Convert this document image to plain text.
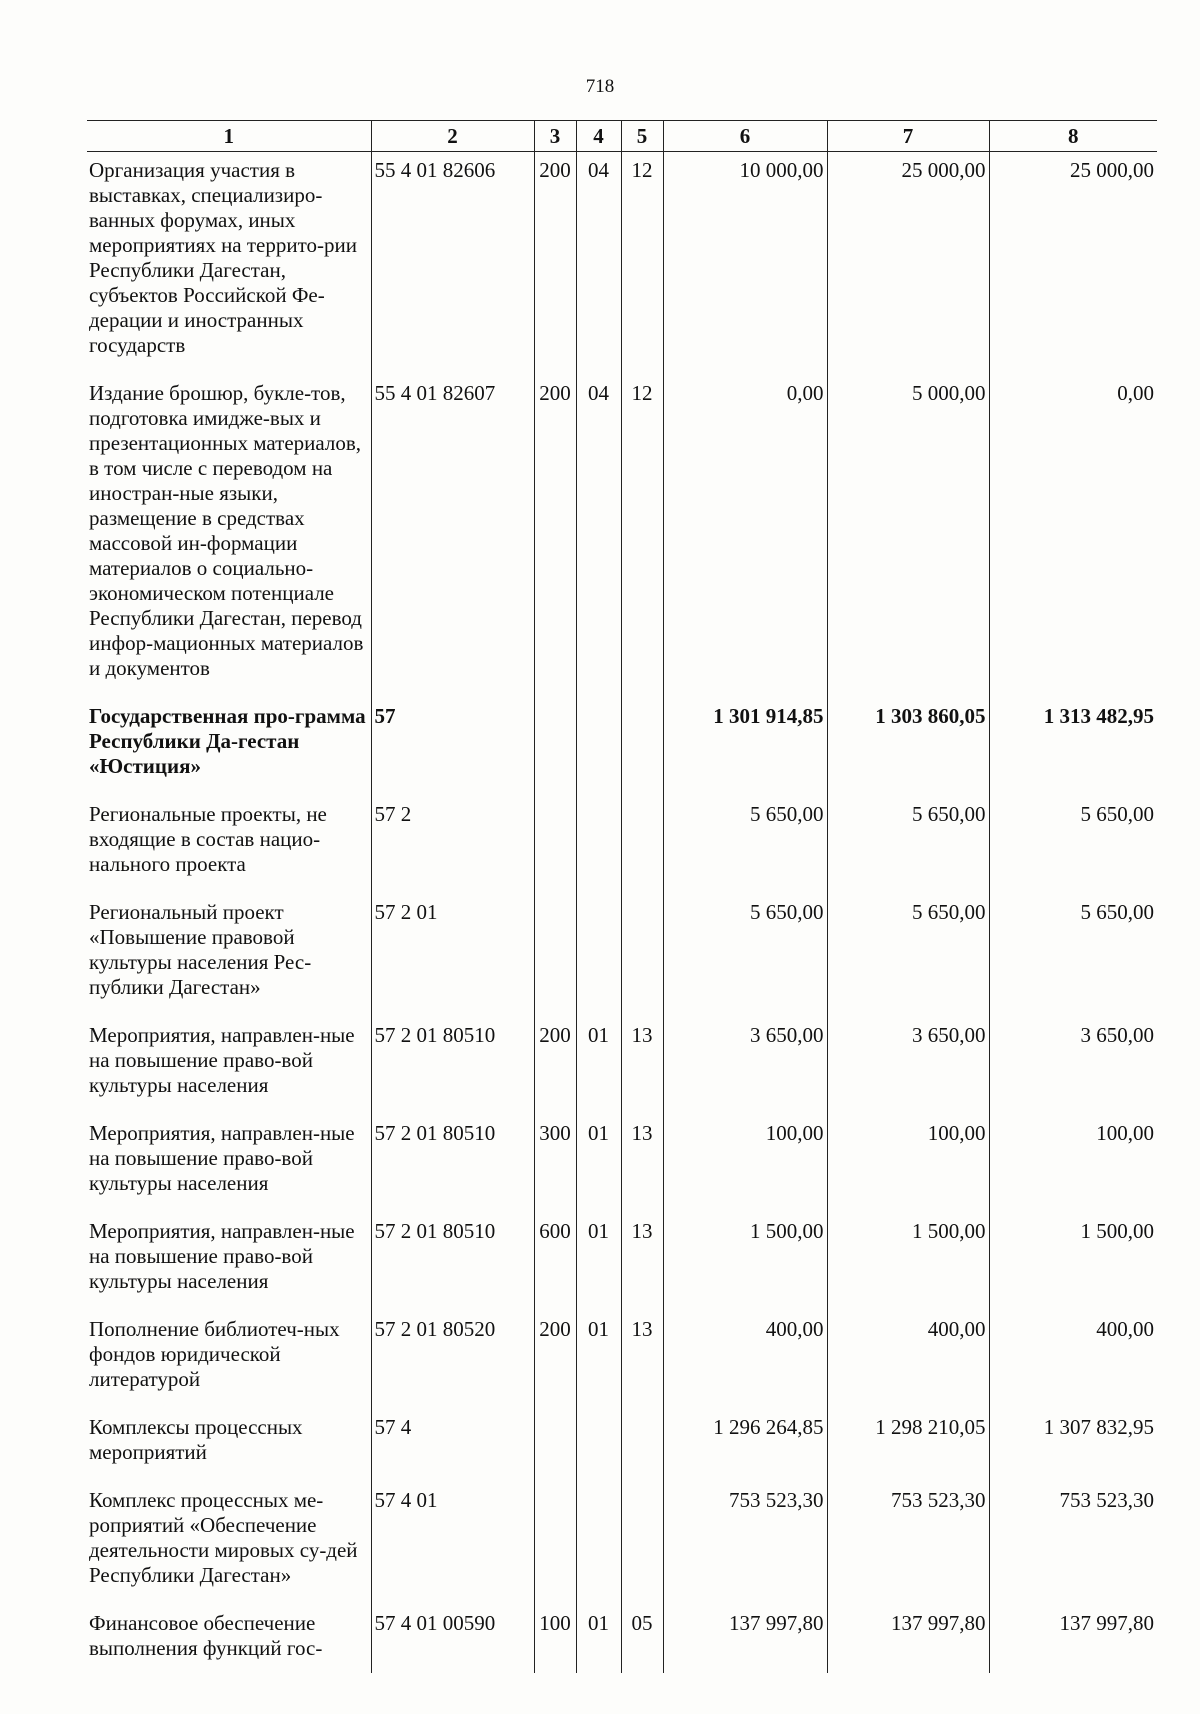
718
1	2	3	4	5	6	7	8
Организация участия в выставках, специализиро-ванных форумах, иных мероприятиях на террито-рии Республики Дагестан, субъектов Российской Фе-дерации и иностранных государств	55 4 01 82606	200	04	12	10 000,00	25 000,00	25 000,00
Издание брошюр, букле-тов, подготовка имидже-вых и презентационных материалов, в том числе с переводом на иностран-ные языки, размещение в средствах массовой ин-формации материалов о социально-экономическом потенциале Республики Дагестан, перевод инфор-мационных материалов и документов	55 4 01 82607	200	04	12	0,00	5 000,00	0,00
Государственная про-грамма Республики Да-гестан «Юстиция»	57				1 301 914,85	1 303 860,05	1 313 482,95
Региональные проекты, не входящие в состав нацио-нального проекта	57 2				5 650,00	5 650,00	5 650,00
Региональный проект «Повышение правовой культуры населения Рес-публики Дагестан»	57 2 01				5 650,00	5 650,00	5 650,00
Мероприятия, направлен-ные на повышение право-вой культуры населения	57 2 01 80510	200	01	13	3 650,00	3 650,00	3 650,00
Мероприятия, направлен-ные на повышение право-вой культуры населения	57 2 01 80510	300	01	13	100,00	100,00	100,00
Мероприятия, направлен-ные на повышение право-вой культуры населения	57 2 01 80510	600	01	13	1 500,00	1 500,00	1 500,00
Пополнение библиотеч-ных фондов юридической литературой	57 2 01 80520	200	01	13	400,00	400,00	400,00
Комплексы процессных мероприятий	57 4				1 296 264,85	1 298 210,05	1 307 832,95
Комплекс процессных ме-роприятий «Обеспечение деятельности мировых су-дей Республики Дагестан»	57 4 01				753 523,30	753 523,30	753 523,30
Финансовое обеспечение выполнения функций гос-	57 4 01 00590	100	01	05	137 997,80	137 997,80	137 997,80
